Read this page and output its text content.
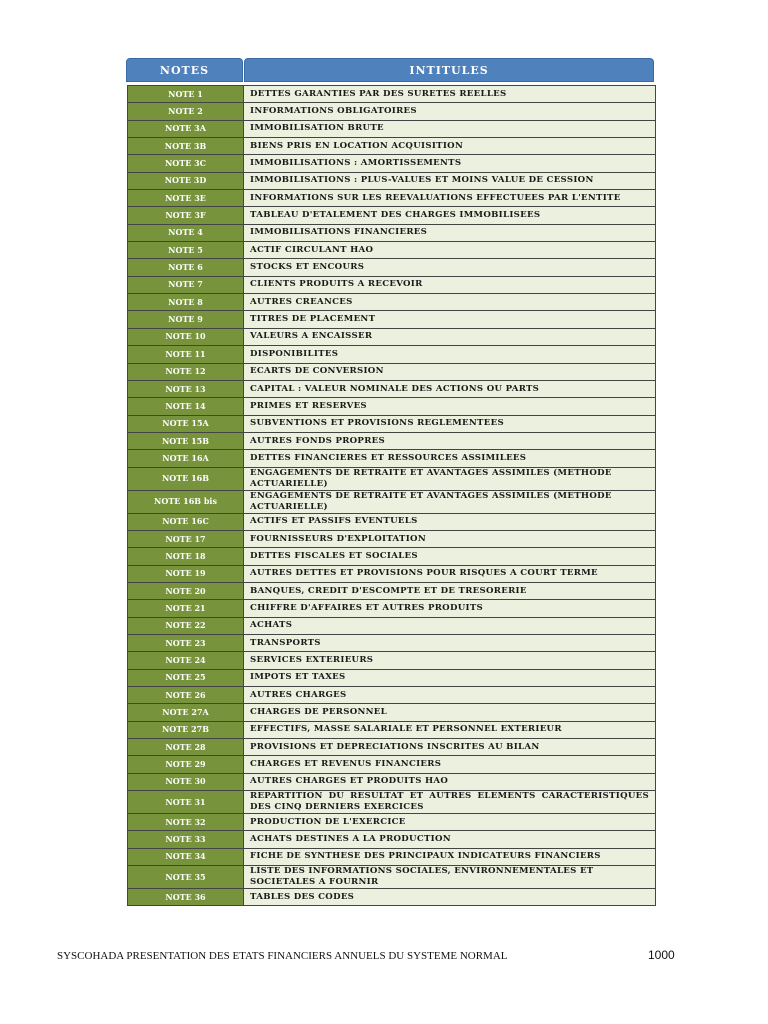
NOTES	INTITULES
NOTE 1	DETTES GARANTIES PAR DES SURETES REELLES
NOTE 2	INFORMATIONS OBLIGATOIRES
NOTE 3A	IMMOBILISATION BRUTE
NOTE 3B	BIENS PRIS EN LOCATION ACQUISITION
NOTE 3C	IMMOBILISATIONS : AMORTISSEMENTS
NOTE 3D	IMMOBILISATIONS : PLUS-VALUES ET MOINS VALUE DE CESSION
NOTE 3E	INFORMATIONS SUR LES REEVALUATIONS EFFECTUEES PAR L'ENTITE
NOTE 3F	TABLEAU D'ETALEMENT DES CHARGES IMMOBILISEES
NOTE 4	IMMOBILISATIONS FINANCIERES
NOTE 5	ACTIF CIRCULANT HAO
NOTE 6	STOCKS ET ENCOURS
NOTE 7	CLIENTS PRODUITS A RECEVOIR
NOTE 8	AUTRES CREANCES
NOTE 9	TITRES DE PLACEMENT
NOTE 10	VALEURS A ENCAISSER
NOTE 11	DISPONIBILITES
NOTE 12	ECARTS DE CONVERSION
NOTE 13	CAPITAL : VALEUR NOMINALE DES ACTIONS OU PARTS
NOTE 14	PRIMES ET RESERVES
NOTE 15A	SUBVENTIONS ET PROVISIONS REGLEMENTEES
NOTE 15B	AUTRES FONDS PROPRES
NOTE 16A	DETTES FINANCIERES ET RESSOURCES ASSIMILEES
NOTE 16B	ENGAGEMENTS DE RETRAITE ET AVANTAGES ASSIMILES (METHODE ACTUARIELLE)
NOTE 16B bis	ENGAGEMENTS DE RETRAITE ET AVANTAGES ASSIMILES (METHODE ACTUARIELLE)
NOTE 16C	ACTIFS ET PASSIFS EVENTUELS
NOTE 17	FOURNISSEURS D'EXPLOITATION
NOTE 18	DETTES FISCALES ET SOCIALES
NOTE 19	AUTRES DETTES ET PROVISIONS POUR RISQUES A COURT TERME
NOTE 20	BANQUES, CREDIT D'ESCOMPTE ET DE TRESORERIE
NOTE 21	CHIFFRE D'AFFAIRES ET AUTRES PRODUITS
NOTE 22	ACHATS
NOTE 23	TRANSPORTS
NOTE 24	SERVICES EXTERIEURS
NOTE 25	IMPOTS ET TAXES
NOTE 26	AUTRES CHARGES
NOTE 27A	CHARGES DE PERSONNEL
NOTE 27B	EFFECTIFS, MASSE SALARIALE ET PERSONNEL EXTERIEUR
NOTE 28	PROVISIONS ET DEPRECIATIONS INSCRITES AU BILAN
NOTE 29	CHARGES ET REVENUS FINANCIERS
NOTE 30	AUTRES CHARGES ET PRODUITS HAO
NOTE 31	REPARTITION DU RESULTAT ET AUTRES ELEMENTS CARACTERISTIQUES DES CINQ DERNIERS EXERCICES
NOTE 32	PRODUCTION DE L'EXERCICE
NOTE 33	ACHATS DESTINES A LA PRODUCTION
NOTE 34	FICHE DE SYNTHESE DES PRINCIPAUX INDICATEURS FINANCIERS
NOTE 35	LISTE DES INFORMATIONS SOCIALES, ENVIRONNEMENTALES ET SOCIETALES A FOURNIR
NOTE 36	TABLES DES CODES
SYSCOHADA PRESENTATION DES ETATS FINANCIERS ANNUELS DU SYSTEME NORMAL	1000
